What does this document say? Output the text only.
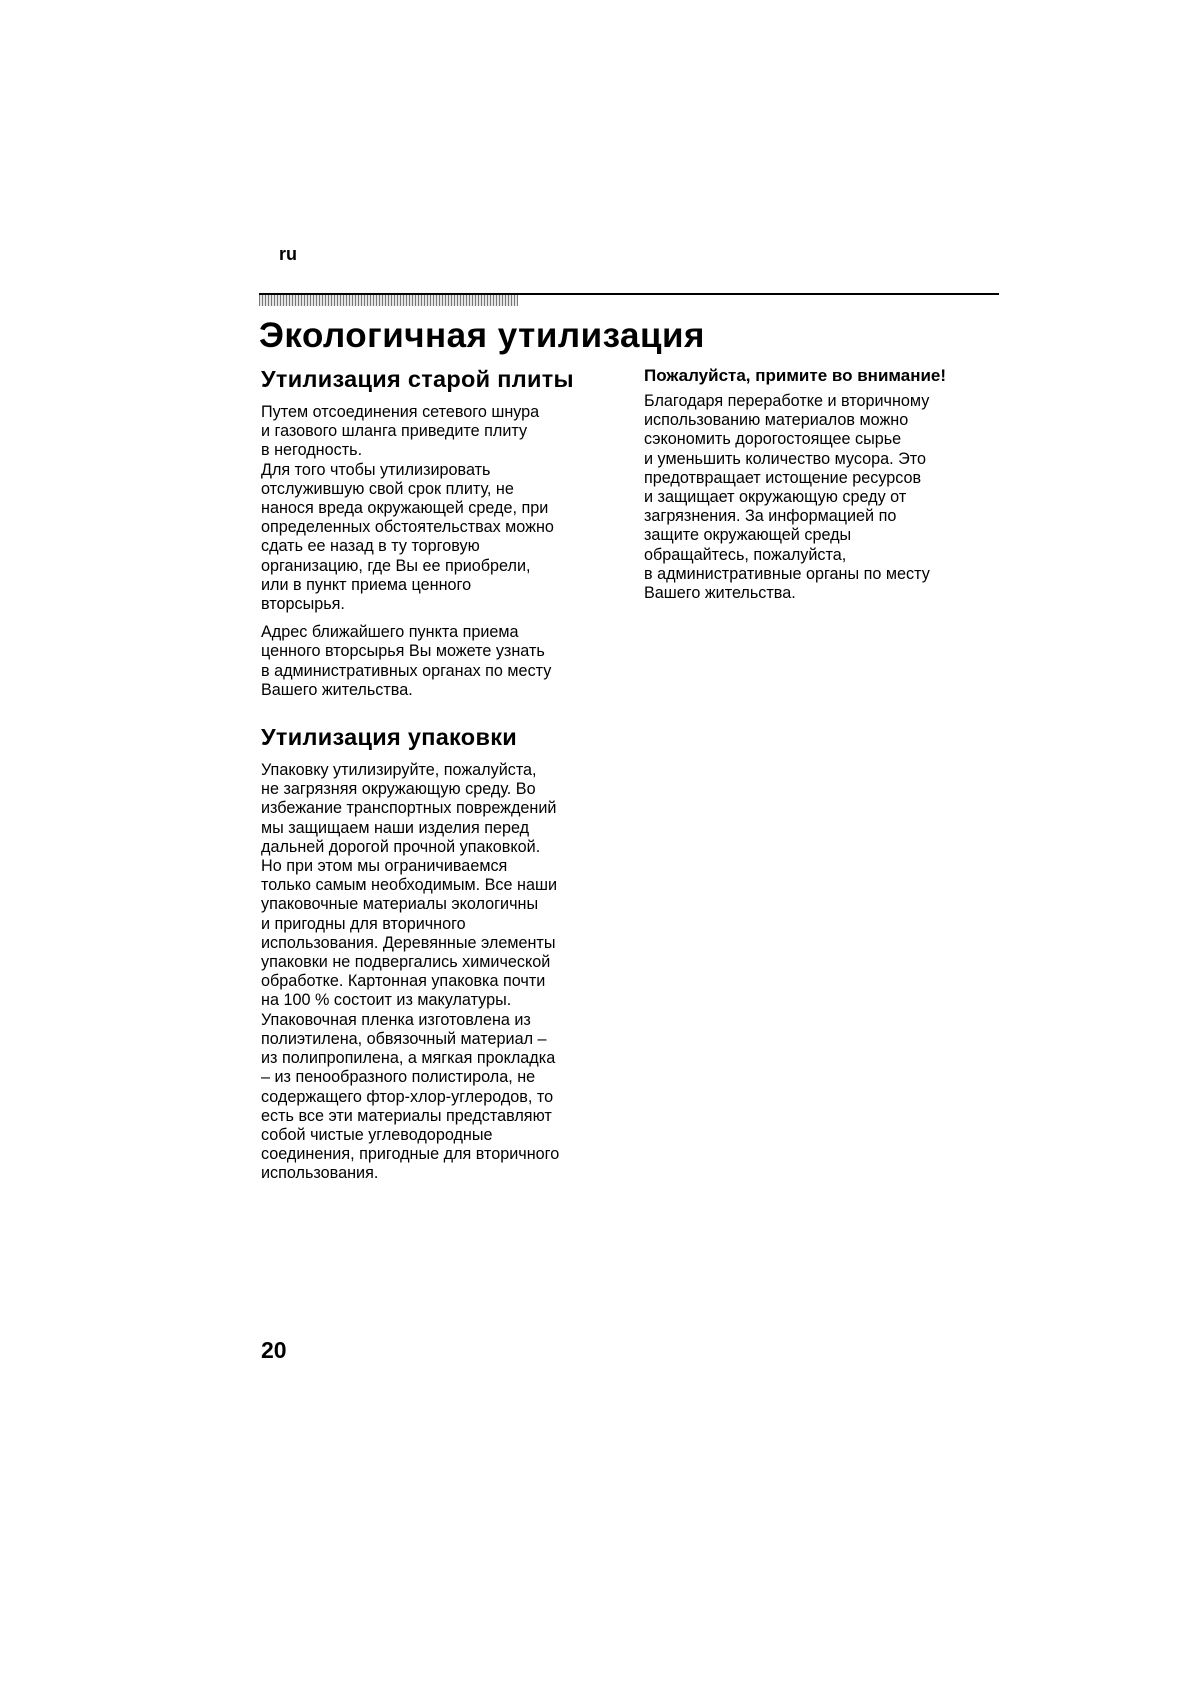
ru
Экологичная утилизация
Утилизация старой плиты

Путем отсоединения сетевого шнура
и газового шланга приведите плиту
в негодность.
Для того чтобы утилизировать
отслужившую свой срок плиту, не
нанося вреда окружающей среде, при
определенных обстоятельствах можно
сдать ее назад в ту торговую
организацию, где Вы ее приобрели,
или в пункт приема ценного
вторсырья.

Адрес ближайшего пункта приема
ценного вторсырья Вы можете узнать
в административных органах по месту
Вашего жительства.

Утилизация упаковки

Упаковку утилизируйте, пожалуйста,
не загрязняя окружающую среду. Во
избежание транспортных повреждений
мы защищаем наши изделия перед
дальней дорогой прочной упаковкой.
Но при этом мы ограничиваемся
только самым необходимым. Все наши
упаковочные материалы экологичны
и пригодны для вторичного
использования. Деревянные элементы
упаковки не подвергались химической
обработке. Картонная упаковка почти
на 100 % состоит из макулатуры.
Упаковочная пленка изготовлена из
полиэтилена, обвязочный материал –
из полипропилена, а мягкая прокладка
– из пенообразного полистирола, не
содержащего фтор-хлор-углеродов, то
есть все эти материалы представляют
собой чистые углеводородные
соединения, пригодные для вторичного
использования.

Пожалуйста, примите во внимание!

Благодаря переработке и вторичному
использованию материалов можно
сэкономить дорогостоящее сырье
и уменьшить количество мусора. Это
предотвращает истощение ресурсов
и защищает окружающую среду от
загрязнения. За информацией по
защите окружающей среды
обращайтесь, пожалуйста,
в административные органы по месту
Вашего жительства.

20
